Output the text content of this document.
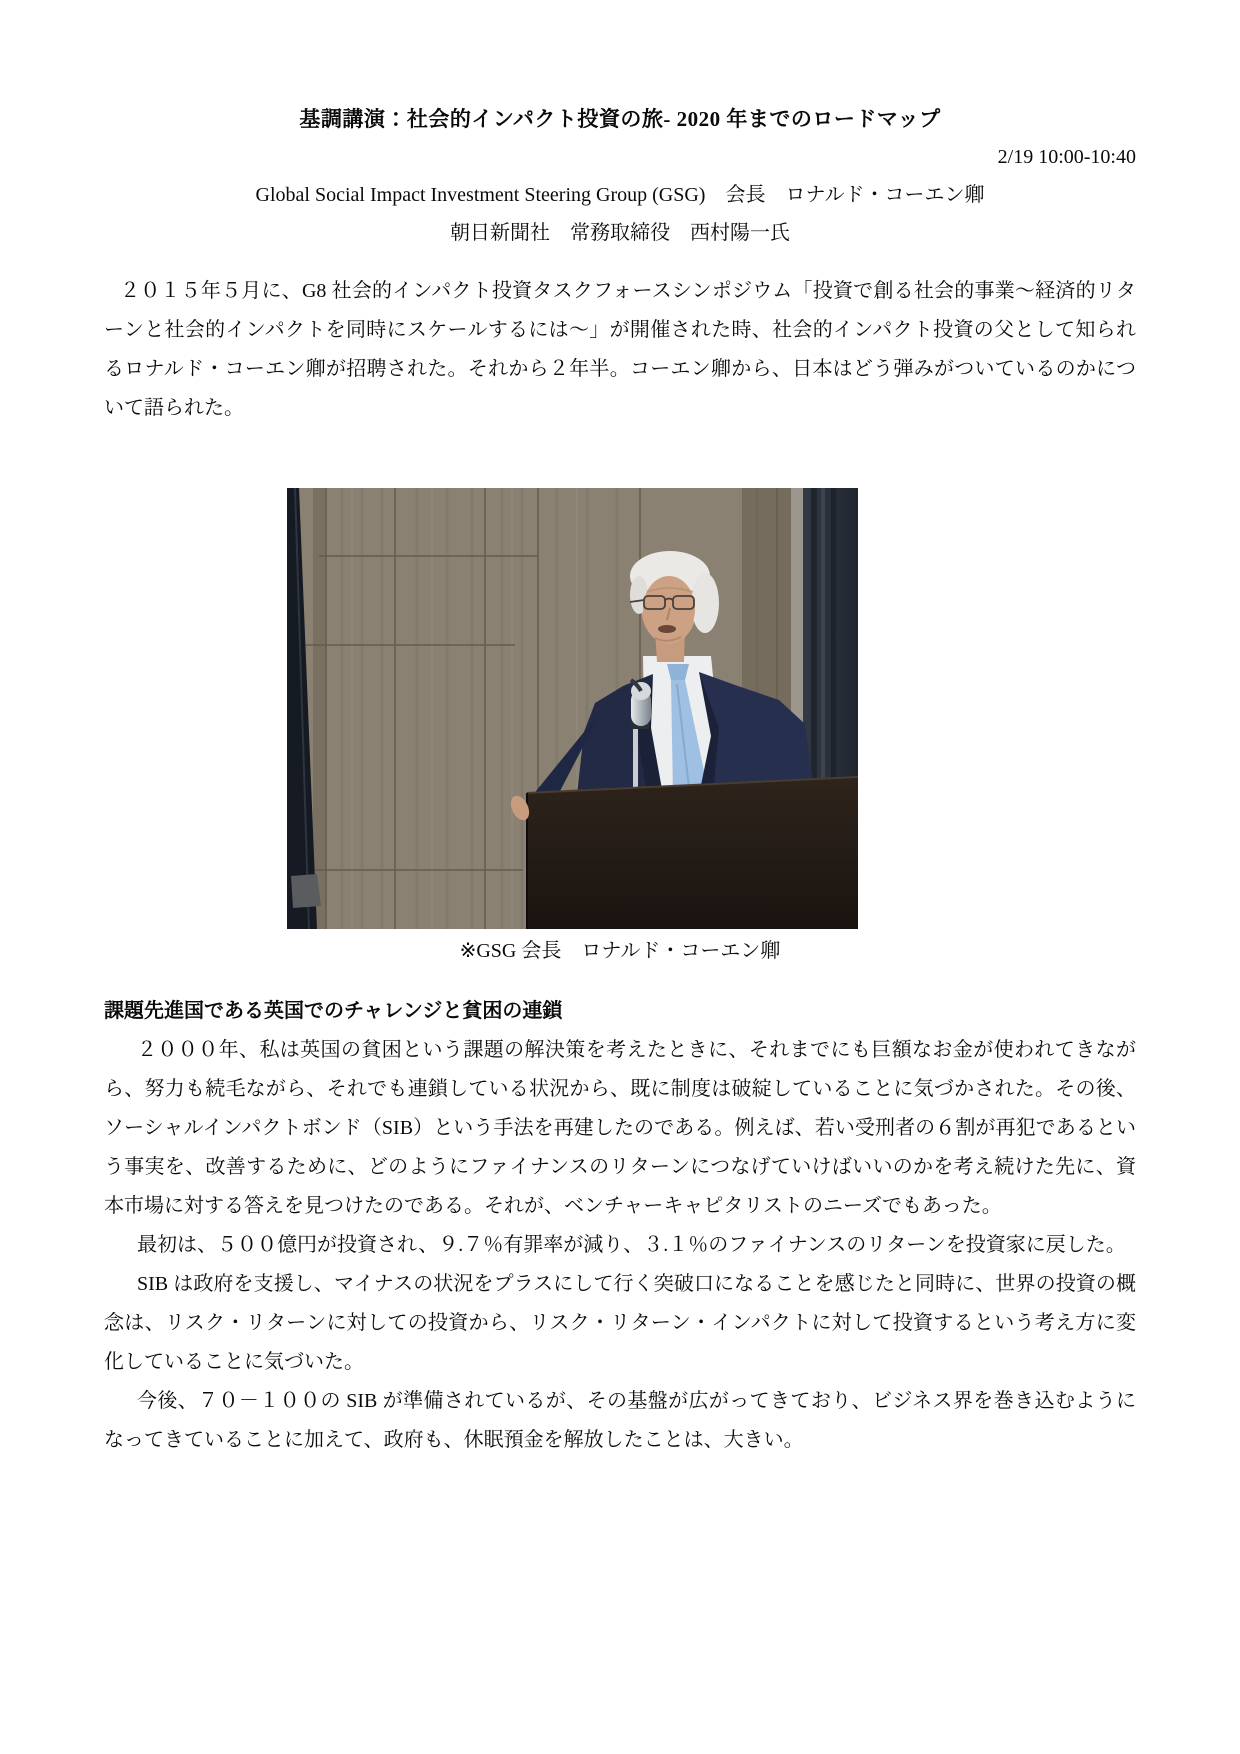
基調講演：社会的インパクト投資の旅- 2020 年までのロードマップ
2/19 10:00-10:40
Global Social Impact Investment Steering Group (GSG)　会長　ロナルド・コーエン卿
朝日新聞社　常務取締役　西村陽一氏

２０１５年５月に、G8 社会的インパクト投資タスクフォースシンポジウム「投資で創る社会的事業〜経済的リターンと社会的インパクトを同時にスケールするには〜」が開催された時、社会的インパクト投資の父として知られるロナルド・コーエン卿が招聘された。それから２年半。コーエン卿から、日本はどう弾みがついているのかについて語られた。

※GSG 会長　ロナルド・コーエン卿
課題先進国である英国でのチャレンジと貧困の連鎖

２０００年、私は英国の貧困という課題の解決策を考えたときに、それまでにも巨額なお金が使われてきながら、努力も続毛ながら、それでも連鎖している状況から、既に制度は破綻していることに気づかされた。その後、ソーシャルインパクトボンド（SIB）という手法を再建したのである。例えば、若い受刑者の６割が再犯であるという事実を、改善するために、どのようにファイナンスのリターンにつなげていけばいいのかを考え続けた先に、資本市場に対する答えを見つけたのである。それが、ベンチャーキャピタリストのニーズでもあった。

最初は、５００億円が投資され、９.７％有罪率が減り、３.１％のファイナンスのリターンを投資家に戻した。

SIB は政府を支援し、マイナスの状況をプラスにして行く突破口になることを感じたと同時に、世界の投資の概念は、リスク・リターンに対しての投資から、リスク・リターン・インパクトに対して投資するという考え方に変化していることに気づいた。

今後、７０－１００の SIB が準備されているが、その基盤が広がってきており、ビジネス界を巻き込むようになってきていることに加えて、政府も、休眠預金を解放したことは、大きい。
